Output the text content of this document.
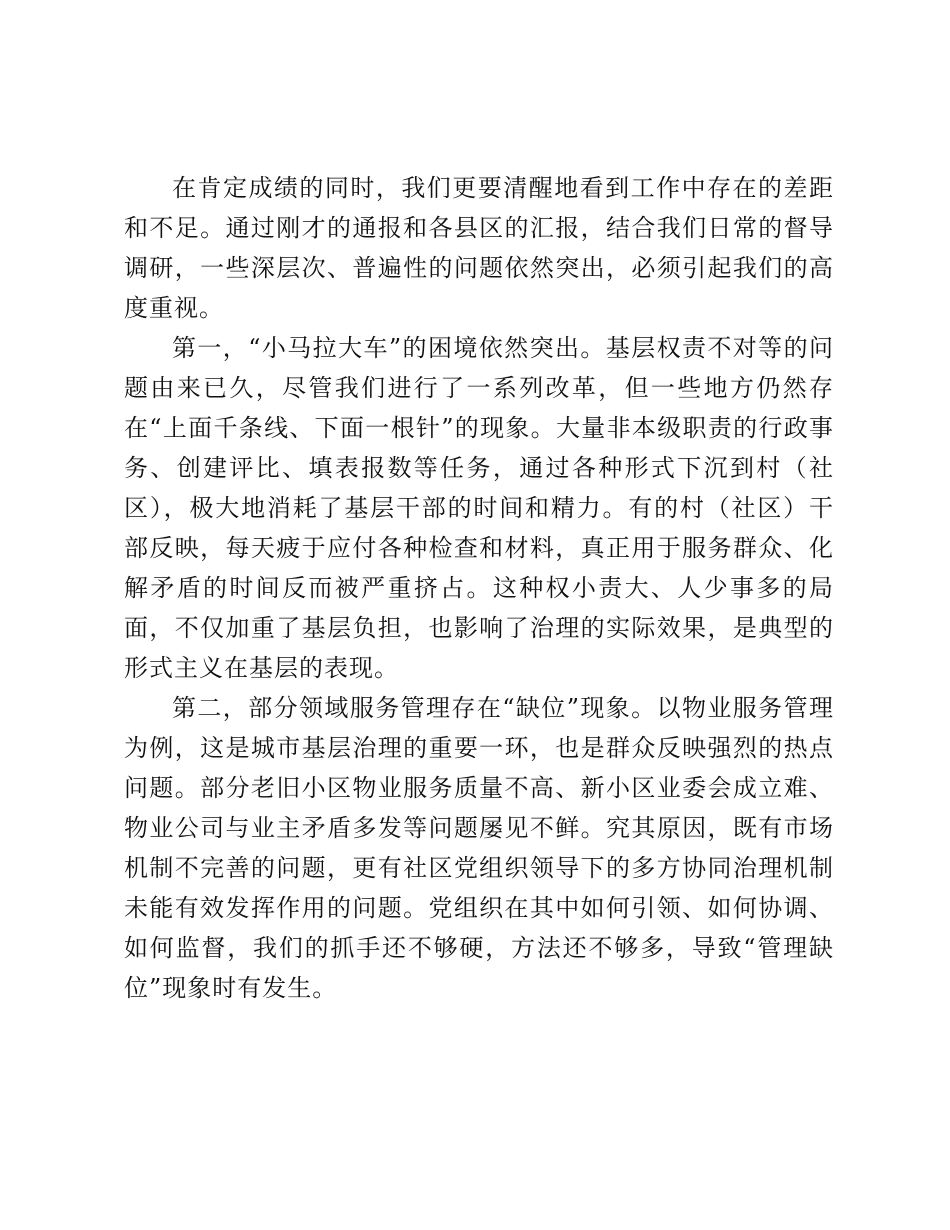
在肯定成绩的同时，我们更要清醒地看到工作中存在的差距和不足。通过刚才的通报和各县区的汇报，结合我们日常的督导调研，一些深层次、普遍性的问题依然突出，必须引起我们的高度重视。

第一，“小马拉大车”的困境依然突出。基层权责不对等的问题由来已久，尽管我们进行了一系列改革，但一些地方仍然存在“上面千条线、下面一根针”的现象。大量非本级职责的行政事务、创建评比、填表报数等任务，通过各种形式下沉到村（社区），极大地消耗了基层干部的时间和精力。有的村（社区）干部反映，每天疲于应付各种检查和材料，真正用于服务群众、化解矛盾的时间反而被严重挤占。这种权小责大、人少事多的局面，不仅加重了基层负担，也影响了治理的实际效果，是典型的形式主义在基层的表现。

第二，部分领域服务管理存在“缺位”现象。以物业服务管理为例，这是城市基层治理的重要一环，也是群众反映强烈的热点问题。部分老旧小区物业服务质量不高、新小区业委会成立难、物业公司与业主矛盾多发等问题屡见不鲜。究其原因，既有市场机制不完善的问题，更有社区党组织领导下的多方协同治理机制未能有效发挥作用的问题。党组织在其中如何引领、如何协调、如何监督，我们的抓手还不够硬，方法还不够多，导致“管理缺位”现象时有发生。
